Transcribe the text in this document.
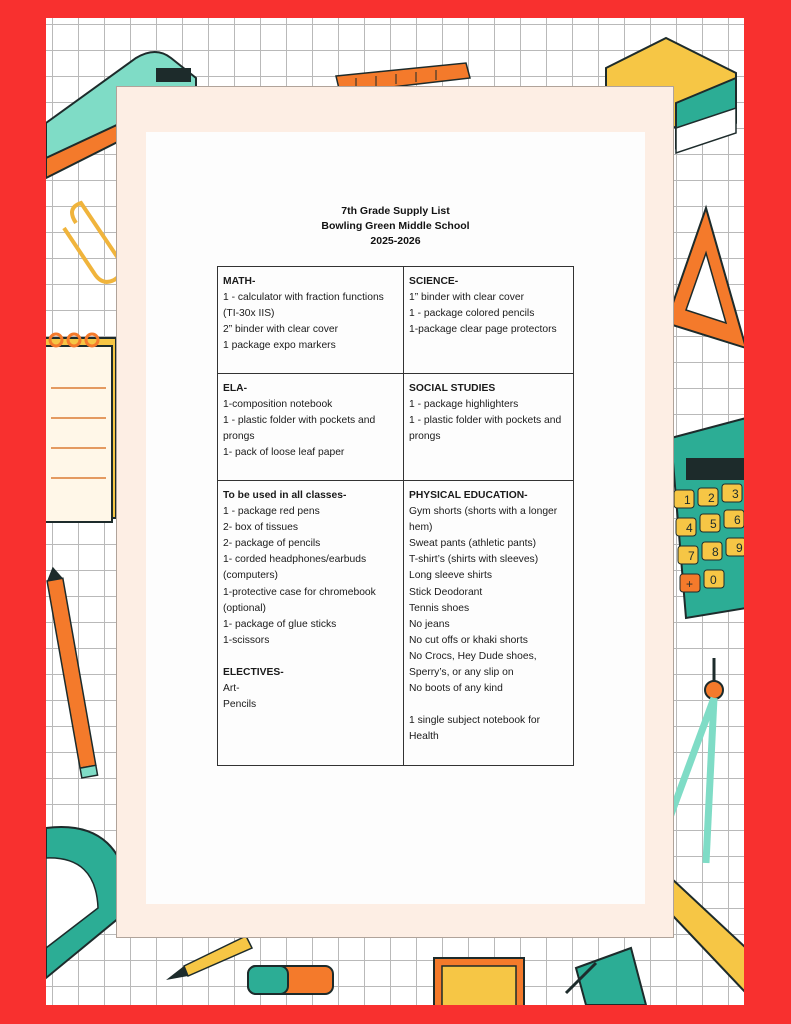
1 2 3
4 5 6
7 8 9
+ 0
7th Grade Supply List
Bowling Green Middle School
2025-2026
MATH-
1 - calculator with fraction functions (TI-30x IIS)
2” binder with clear cover
1 package expo markers
SCIENCE-
1” binder with clear cover
1 - package colored pencils
1-package clear page protectors
ELA-
1-composition notebook
1 - plastic folder with pockets and prongs
1- pack of loose leaf paper
SOCIAL STUDIES
1 - package highlighters
1 - plastic folder with pockets and prongs
To be used in all classes-
1 - package red pens
2- box of tissues
2- package of pencils
1- corded headphones/earbuds (computers)
1-protective case for chromebook (optional)
1- package of glue sticks
1-scissors
ELECTIVES-
Art-
Pencils
PHYSICAL EDUCATION-
Gym shorts (shorts with a longer hem)
Sweat pants (athletic pants)
T-shirt’s (shirts with sleeves)
Long sleeve shirts
Stick Deodorant
Tennis shoes
No jeans
No cut offs or khaki shorts
No Crocs, Hey Dude shoes, Sperry’s, or any slip on
No boots of any kind
1 single subject notebook for Health
